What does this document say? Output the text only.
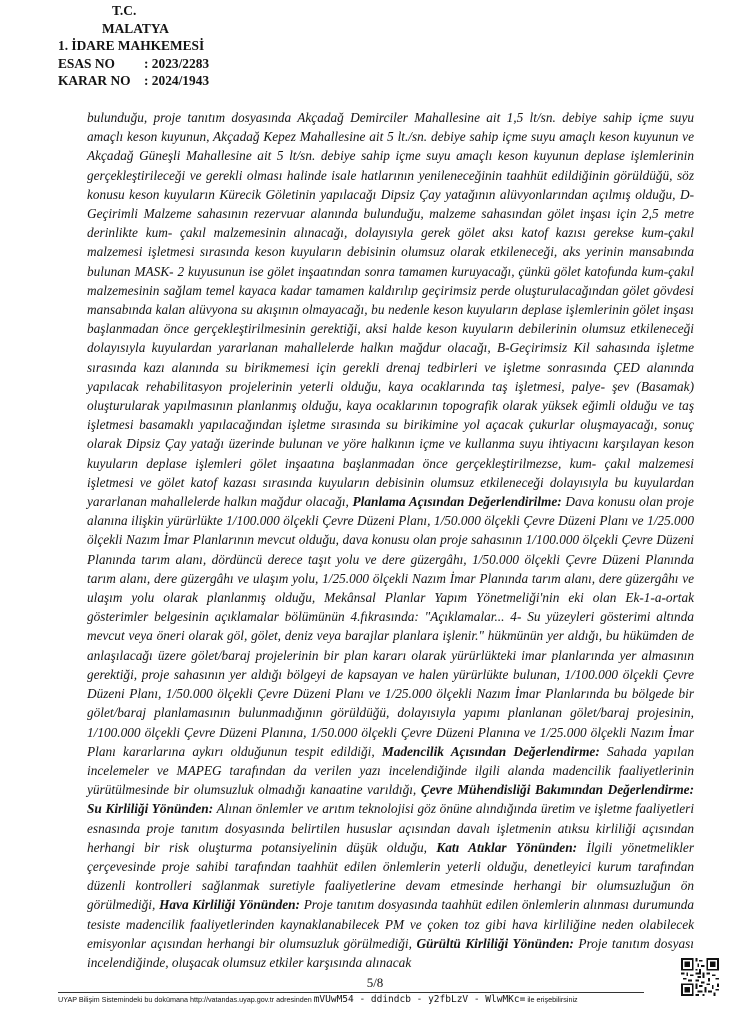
T.C.
MALATYA
1. İDARE MAHKEMESİ
ESAS NO	: 2023/2283
KARAR NO	: 2024/1943

bulunduğu, proje tanıtım dosyasında Akçadağ Demirciler Mahallesine ait 1,5 lt/sn. debiye sahip içme suyu amaçlı keson kuyunun, Akçadağ Kepez Mahallesine ait 5 lt./sn. debiye sahip içme suyu amaçlı keson kuyunun ve Akçadağ Güneşli Mahallesine ait 5 lt/sn. debiye sahip içme suyu amaçlı keson kuyunun deplase işlemlerinin gerçekleştirileceği ve gerekli olması halinde isale hatlarının yenileneceğinin taahhüt edildiğinin görüldüğü, söz konusu keson kuyuların Kürecik Göletinin yapılacağı Dipsiz Çay yatağının alüvyonlarından açılmış olduğu, D-Geçirimli Malzeme sahasının rezervuar alanında bulunduğu, malzeme sahasından gölet inşası için 2,5 metre derinlikte kum- çakıl malzemesinin alınacağı, dolayısıyla gerek gölet aksı katof kazısı gerekse kum-çakıl malzemesi işletmesi sırasında keson kuyuların debisinin olumsuz olarak etkileneceği, aks yerinin mansabında bulunan MASK- 2 kuyusunun ise gölet inşaatından sonra tamamen kuruyacağı, çünkü gölet katofunda kum-çakıl malzemesinin sağlam temel kayaca kadar tamamen kaldırılıp geçirimsiz perde oluşturulacağından gölet gövdesi mansabında kalan alüvyona su akışının olmayacağı, bu nedenle keson kuyuların deplase işlemlerinin gölet inşası başlanmadan önce gerçekleştirilmesinin gerektiği, aksi halde keson kuyuların debilerinin olumsuz etkileneceği dolayısıyla kuyulardan yararlanan mahallelerde halkın mağdur olacağı, B-Geçirimsiz Kil sahasında işletme sırasında kazı alanında su birikmemesi için gerekli drenaj tedbirleri ve işletme sonrasında ÇED alanında yapılacak rehabilitasyon projelerinin yeterli olduğu, kaya ocaklarında taş işletmesi, palye- şev (Basamak) oluşturularak yapılmasının planlanmış olduğu, kaya ocaklarının topografik olarak yüksek eğimli olduğu ve taş işletmesi basamaklı yapılacağından işletme sırasında su birikimine yol açacak çukurlar oluşmayacağı, sonuç olarak Dipsiz Çay yatağı üzerinde bulunan ve yöre halkının içme ve kullanma suyu ihtiyacını karşılayan keson kuyuların deplase işlemleri gölet inşaatına başlanmadan önce gerçekleştirilmezse, kum- çakıl malzemesi işletmesi ve gölet katof kazası sırasında kuyuların debisinin olumsuz etkileneceği dolayısıyla bu kuyulardan yararlanan mahallelerde halkın mağdur olacağı, Planlama Açısından Değerlendirilme: Dava konusu olan proje alanına ilişkin yürürlükte 1/100.000 ölçekli Çevre Düzeni Planı, 1/50.000 ölçekli Çevre Düzeni Planı ve 1/25.000 ölçekli Nazım İmar Planlarının mevcut olduğu, dava konusu olan proje sahasının 1/100.000 ölçekli Çevre Düzeni Planında tarım alanı, dördüncü derece taşıt yolu ve dere güzergâhı, 1/50.000 ölçekli Çevre Düzeni Planında tarım alanı, dere güzergâhı ve ulaşım yolu, 1/25.000 ölçekli Nazım İmar Planında tarım alanı, dere güzergâhı ve ulaşım yolu olarak planlanmış olduğu, Mekânsal Planlar Yapım Yönetmeliği'nin eki olan Ek-1-a-ortak gösterimler belgesinin açıklamalar bölümünün 4.fıkrasında: "Açıklamalar... 4- Su yüzeyleri gösterimi altında mevcut veya öneri olarak göl, gölet, deniz veya barajlar planlara işlenir." hükmünün yer aldığı, bu hükümden de anlaşılacağı üzere gölet/baraj projelerinin bir plan kararı olarak yürürlükteki imar planlarında yer almasının gerektiği, proje sahasının yer aldığı bölgeyi de kapsayan ve halen yürürlükte bulunan, 1/100.000 ölçekli Çevre Düzeni Planı, 1/50.000 ölçekli Çevre Düzeni Planı ve 1/25.000 ölçekli Nazım İmar Planlarında bu bölgede bir gölet/baraj planlamasının bulunmadığının görüldüğü, dolayısıyla yapımı planlanan gölet/baraj projesinin, 1/100.000 ölçekli Çevre Düzeni Planına, 1/50.000 ölçekli Çevre Düzeni Planına ve 1/25.000 ölçekli Nazım İmar Planı kararlarına aykırı olduğunun tespit edildiği, Madencilik Açısından Değerlendirme: Sahada yapılan incelemeler ve MAPEG tarafından da verilen yazı incelendiğinde ilgili alanda madencilik faaliyetlerinin yürütülmesinde bir olumsuzluk olmadığı kanaatine varıldığı, Çevre Mühendisliği Bakımından Değerlendirme: Su Kirliliği Yönünden: Alınan önlemler ve arıtım teknolojisi göz önüne alındığında üretim ve işletme faaliyetleri esnasında proje tanıtım dosyasında belirtilen hususlar açısından davalı işletmenin atıksu kirliliği açısından herhangi bir risk oluşturma potansiyelinin düşük olduğu, Katı Atıklar Yönünden: İlgili yönetmelikler çerçevesinde proje sahibi tarafından taahhüt edilen önlemlerin yeterli olduğu, denetleyici kurum tarafından düzenli kontrolleri sağlanmak suretiyle faaliyetlerine devam etmesinde herhangi bir olumsuzluğun ön görülmediği, Hava Kirliliği Yönünden: Proje tanıtım dosyasında taahhüt edilen önlemlerin alınması durumunda tesiste madencilik faaliyetlerinden kaynaklanabilecek PM ve çoken toz gibi hava kirliliğine neden olabilecek emisyonlar açısından herhangi bir olumsuzluk görülmediği, Gürültü Kirliliği Yönünden: Proje tanıtım dosyası incelendiğinde, oluşacak olumsuz etkiler karşısında alınacak

5/8
UYAP Bilişim Sistemindeki bu dokümana http://vatandas.uyap.gov.tr adresinden mVUwM54 - ddindcb - y2fbLzV - WlwMKc= ile erişebilirsiniz
